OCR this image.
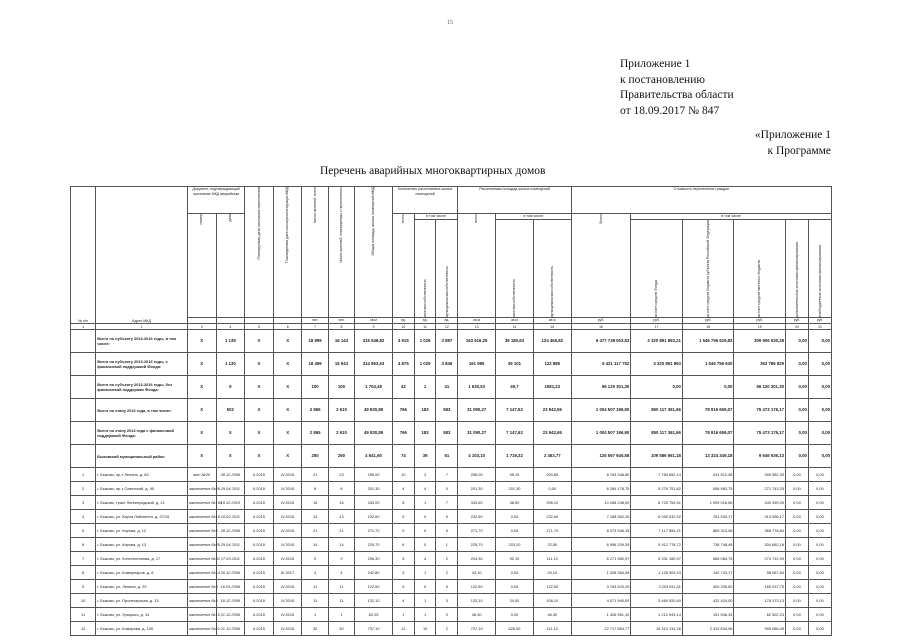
15
Приложение 1
к постановлению
Правительства области
от 18.09.2017 № 847
«Приложение 1
к Программе
Перечень аварийных многоквартирных домов
№ п/п	Адрес МКД	Документ, подтверждающий признание МКД аварийным		Планируемая дата окончания переселения	Планируемая дата сноса/реконструкции МКД	Число жителей, всего	Число жителей, планируемых к переселению	Общая площадь жилых помещений МКД	Количество расселяемых жилых помещений			Расселяемая площадь жилых помещений			Стоимость переселения граждан					

		номер	дата						всего	в том числе		всего	в том числе		Всего	в том числе				

										частная собственность	муниципальная собственность		частная собственность	муниципальная собственность		за счет средств Фонда	за счет средств бюджета субъекта Российской Федерации	за счет средств местного бюджета	дополнительные источники финансирования	внебюджетные источники финансирования

						чел.	чел.	кв.м	ед.	ед.	ед.	кв.м	кв.м	кв.м	руб.	руб.	руб.	руб.	руб.	руб.
1	2	3	4	5	6	7	8	9	10	11	12	13	14	15	16	17	18	19	20	21
	Всего по субъекту 2013-2016 годы, в том числе:	X	1 139	X	X	18 899	16 143	316 546,82	4 915	1 028	3 887	163 616,25	39 180,63	124 465,82	6 477 738 053,53	3 320 891 893,21	1 546 756 629,83	309 906 530,28	0,00	0,00
	Всего по субъекту 2013-2016 годы, с финансовой поддержкой Фонда:	X	1 130	X	X	18 499	15 943	314 853,53	4 875	1 025	3 846	161 985	39 101	122 885	6 421 117 752	3 320 891 893	1 546 756 630	353 786 829	0,00	0,00
	Всего по субъекту 2013-2016 годы, без финансовой поддержки Фонда:	X	9	X	X	100	100	1 704,49	42	1	41	1 630,53	49,7	1581,23	56 120 301,30	0,00	0,00	56 120 301,30	0,00	0,00
	Всего по этапу 2013 года, в том числе:	X	502	X	X	2 865	2 610	49 830,89	766	183	583	31 090,27	7 147,62	23 942,65	1 004 507 196,90	850 117 361,66	78 916 659,07	75 473 176,17	0,00	0,00
	Всего по этапу 2013 года с финансовой поддержкой Фонда:	X	X	X	X	2 865	2 610	49 830,89	766	183	583	31 090,27	7 147,62	23 942,65	1 004 507 196,90	850 117 361,66	78 916 659,07	75 473 176,17	0,00	0,00
	Быковский муниципальный район	X	X	X	X	250	250	4 641,60	74	39	61	4 103,10	1 719,32	2 463,77	125 567 945,58	109 586 661,18	13 324 349,18	9 646 936,13	0,00	0,00
1	г. Быково, пр-т Ленина, д. 84	акт №20	28.12.2006	II.2015	IV.2015	21	23	296,00	10	3	7	296,00	95,15	200,85	8 763 346,80	7 784 652,14	611 512,38	399 582,33	0,00	0,00
2	г. Быково, пр-т Советский, д. 45	заключение №66	29.04.2011	II.2015	IV.2015	6	6	201,30	4	4	0	201,30	201,30	0,00	6 284 178,75	5 279 751,82	658 983,75	271 743,25	0,00	0,00
3	г. Быково, тракт Ленинградский, д. 21	заключение №199	19.12.2010	II.2015	IV.2015	16	16	333,00	8	1	7	333,60	38,50	295,10	10 268 248,00	8 725 754,51	1 099 916,56	449 339,25	0,00	0,00
4	г. Быково, ул. Карла Либкнехта, д. 27/15	заключение №18	16.02.2011	II.2015	IV.2015	13	13	232,60	5	0	5	232,60	0,00	232,60	7 168 562,26	6 099 532,92	761 933,17	313 996,17	0,00	0,00
5	г. Быково, ул. Кирова, д. 12	заключение №4	28.12.2006	II.2015	IV.2015	21	21	271,70	5	0	5	271,70	0,00	271,70	8 373 946,15	7 117 854,21	889 313,08	366 778,84	0,00	0,00
6	г. Быково, ул. Кирова, д. 13	заключение №65	29.04.2011	II.2015	IV.2015	14	14	225,70	6	5	1	225,70	203,20	22,50	6 956 209,39	5 912 778,72	738 748,48	304 682,18	0,00	0,00
7	г. Быково, ул. Константинова, д. 17	заключение №32	17.03.2011	II.2015	IV.2015	9	9	206,30	6	4	2	203,30	92,10	111,10	6 271 980,97	5 331 180,97	666 084,75	274 712,90	0,00	0,00
8	г. Быково, ул. Коммунаров, д. 8	заключение №14	26.12.2006	II.2015	III.2017	4	4	242,80	3	1	2	43,10	0,00	43,10	1 328 384,08	1 128 904,43	140 743,17	58 067,64	0,00	0,00
9	г. Быково, ул. Ленина, д. 25	заключение №4	16.03.2009	II.2015	IV.2015	11	11	122,50	6	0	6	122,50	0,00	122,50	3 763 543,25	3 203 911,31	400 335,82	165 037,75	0,00	0,00
10	г. Быково, ул. Пролетарская, д. 13	заключение №3	18.12.2006	II.2015	IV.2015	11	11	132,10	4	1	3	132,10	24,00	108,10	4 071 940,00	3 460 920,40	432 424,00	178 373,13	0,00	0,00
11	г. Быково, ул. Урицкого, д. 14	заключение №10	21.12.2006	II.2015	IV.2015	1	1	82,25	1	1	0	46,30	0,00	46,30	1 426 961,10	1 212 943,14	151 546,34	62 502,23	0,00	0,00
12	г. Быково, ул. Комарова, д. 109	заключение №21	21.12.2006	II.2015	IV.2015	30	30	737,10	12	10	2	737,10	626,00	111,10	22 717 854,77	19 310 134,26	2 412 634,06	995 086,45	0,00	0,00
